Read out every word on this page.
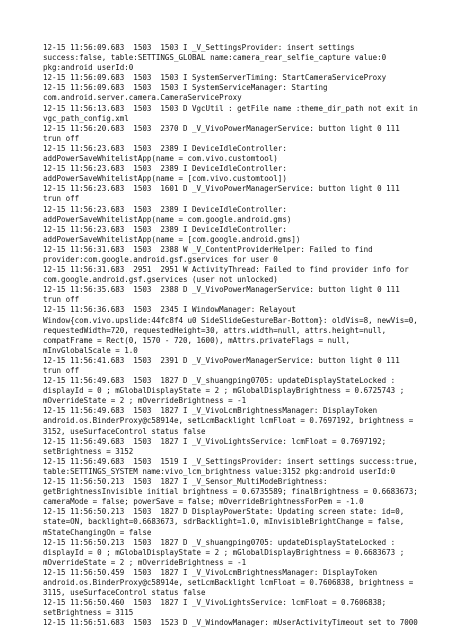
12-15 11:56:09.683  1503  1503 I _V_SettingsProvider: insert settings
success:false, table:SETTINGS_GLOBAL name:camera_rear_selfie_capture value:0
pkg:android userId:0
12-15 11:56:09.683  1503  1503 I SystemServerTiming: StartCameraServiceProxy
12-15 11:56:09.683  1503  1503 I SystemServiceManager: Starting
com.android.server.camera.CameraServiceProxy
12-15 11:56:13.683  1503  1503 D VgcUtil : getFile name :theme_dir_path not exit in
vgc_path_config.xml
12-15 11:56:20.683  1503  2370 D _V_VivoPowerManagerService: button light 0 111
trun off
12-15 11:56:23.683  1503  2389 I DeviceIdleController:
addPowerSaveWhitelistApp(name = com.vivo.customtool)
12-15 11:56:23.683  1503  2389 I DeviceIdleController:
addPowerSaveWhitelistApp(name = [com.vivo.customtool])
12-15 11:56:23.683  1503  1601 D _V_VivoPowerManagerService: button light 0 111
trun off
12-15 11:56:23.683  1503  2389 I DeviceIdleController:
addPowerSaveWhitelistApp(name = com.google.android.gms)
12-15 11:56:23.683  1503  2389 I DeviceIdleController:
addPowerSaveWhitelistApp(name = [com.google.android.gms])
12-15 11:56:31.683  1503  2388 W _V_ContentProviderHelper: Failed to find
provider:com.google.android.gsf.gservices for user 0
12-15 11:56:31.683  2951  2951 W ActivityThread: Failed to find provider info for
com.google.android.gsf.gservices (user not unlocked)
12-15 11:56:35.683  1503  2388 D _V_VivoPowerManagerService: button light 0 111
trun off
12-15 11:56:36.683  1503  2345 I WindowManager: Relayout
Window{com.vivo.upslide:44fc8f4 u0 SideSlideGestureBar-Bottom}: oldVis=8, newVis=0,
requestedWidth=720, requestedHeight=30, attrs.width=null, attrs.height=null,
compatFrame = Rect(0, 1570 - 720, 1600), mAttrs.privateFlags = null,
mInvGlobalScale = 1.0
12-15 11:56:41.683  1503  2391 D _V_VivoPowerManagerService: button light 0 111
trun off
12-15 11:56:49.683  1503  1827 D _V_shuangping0705: updateDisplayStateLocked :
displayId = 0 ; mGlobalDisplayState = 2 ; mGlobalDisplayBrightness = 0.6725743 ;
mOverrideState = 2 ; mOverrideBrightness = -1
12-15 11:56:49.683  1503  1827 I _V_VivoLcmBrightnessManager: DisplayToken
android.os.BinderProxy@c58914e, setLcmBacklight lcmFloat = 0.7697192, brightness =
3152, useSurfaceControl status false
12-15 11:56:49.683  1503  1827 I _V_VivoLightsService: lcmFloat = 0.7697192;
setBrightness = 3152
12-15 11:56:49.683  1503  1519 I _V_SettingsProvider: insert settings success:true,
table:SETTINGS_SYSTEM name:vivo_lcm_brightness value:3152 pkg:android userId:0
12-15 11:56:50.213  1503  1827 I _V_Sensor_MultiModeBrightness:
getBrightnessInvisible initial brightness = 0.6735589; finalBrightness = 0.6683673;
cameraMode = false; powerSave = false; mOverrideBrightnessForPem = -1.0
12-15 11:56:50.213  1503  1827 D DisplayPowerState: Updating screen state: id=0,
state=ON, backlight=0.6683673, sdrBacklight=1.0, mInvisibleBrightChange = false,
mStateChangingOn = false
12-15 11:56:50.213  1503  1827 D _V_shuangping0705: updateDisplayStateLocked :
displayId = 0 ; mGlobalDisplayState = 2 ; mGlobalDisplayBrightness = 0.6683673 ;
mOverrideState = 2 ; mOverrideBrightness = -1
12-15 11:56:50.459  1503  1827 I _V_VivoLcmBrightnessManager: DisplayToken
android.os.BinderProxy@c58914e, setLcmBacklight lcmFloat = 0.7606838, brightness =
3115, useSurfaceControl status false
12-15 11:56:50.460  1503  1827 I _V_VivoLightsService: lcmFloat = 0.7606838;
setBrightness = 3115
12-15 11:56:51.683  1503  1523 D _V_WindowManager: mUserActivityTimeout set to 7000
